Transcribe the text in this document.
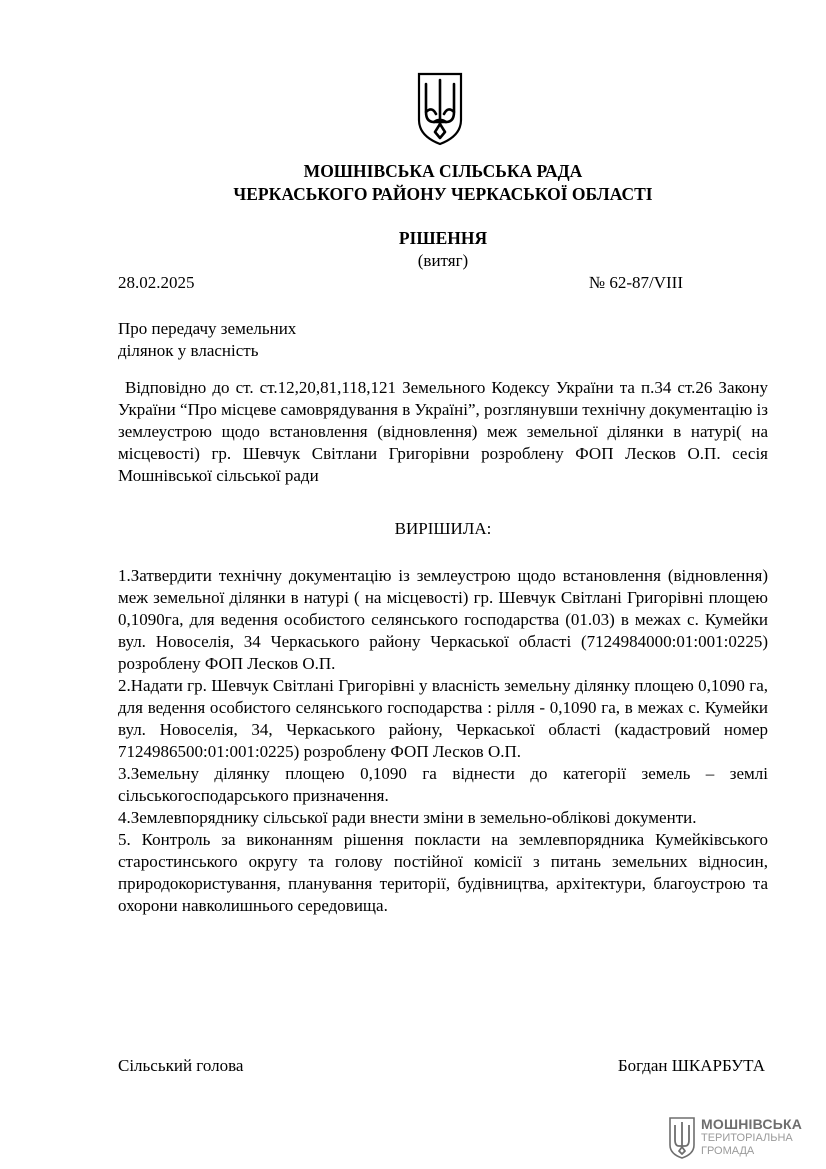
МОШНІВСЬКА СІЛЬСЬКА РАДА
ЧЕРКАСЬКОГО РАЙОНУ ЧЕРКАСЬКОЇ ОБЛАСТІ
РІШЕННЯ
(витяг)
28.02.2025	№ 62-87/VIII
Про передачу земельних
ділянок у власність
Відповідно до ст. ст.12,20,81,118,121 Земельного Кодексу України та п.34 ст.26 Закону України “Про місцеве самоврядування в Україні”, розглянувши технічну документацію із землеустрою щодо встановлення (відновлення) меж земельної ділянки в натурі( на місцевості) гр. Шевчук Світлани Григорівни розроблену ФОП Лесков О.П. сесія Мошнівської сільської ради
ВИРІШИЛА:

1.Затвердити технічну документацію із землеустрою щодо встановлення (відновлення) меж земельної ділянки в натурі ( на місцевості) гр. Шевчук Світлані Григорівні площею 0,1090га, для ведення особистого селянського господарства (01.03) в межах с. Кумейки вул. Новоселія, 34 Черкаського району Черкаської області (7124984000:01:001:0225) розроблену ФОП Лесков О.П.

2.Надати гр. Шевчук Світлані Григорівні у власність земельну ділянку площею 0,1090 га, для ведення особистого селянського господарства : рілля - 0,1090 га, в межах с. Кумейки вул. Новоселія, 34, Черкаського району, Черкаської області (кадастровий номер 7124986500:01:001:0225) розроблену ФОП Лесков О.П.

3.Земельну ділянку площею 0,1090 га віднести до категорії земель – землі сільськогосподарського призначення.

4.Землевпоряднику сільської ради внести зміни в земельно-облікові документи.

5. Контроль за виконанням рішення покласти на землевпорядника Кумейківського старостинського округу та голову постійної комісії з питань земельних відносин, природокористування, планування території, будівництва, архітектури, благоустрою та охорони навколишнього середовища.

Сільський голова	Богдан ШКАРБУТА
МОШНІВСЬКА
ТЕРИТОРІАЛЬНА
ГРОМАДА
